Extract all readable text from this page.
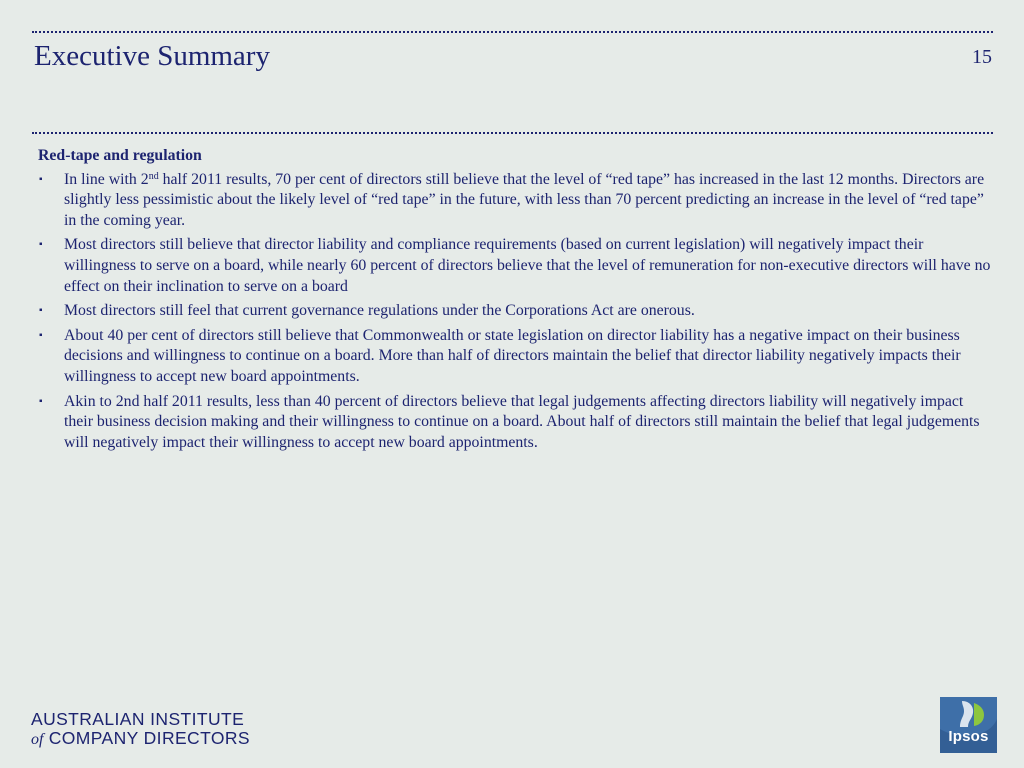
Executive Summary	15
Red-tape and regulation
▪ In line with 2nd half 2011 results, 70 per cent of directors still believe that the level of “red tape” has increased in the last 12 months. Directors are slightly less pessimistic about the likely level of “red tape” in the future, with less than 70 percent predicting an increase in the level of “red tape” in the coming year.
▪ Most directors still believe that director liability and compliance requirements (based on current legislation) will negatively impact their willingness to serve on a board, while nearly 60 percent of directors believe that the level of remuneration for non-executive directors will have no effect on their inclination to serve on a board
▪ Most directors still feel that current governance regulations under the Corporations Act are onerous.
▪ About 40 per cent of directors still believe that Commonwealth or state legislation on director liability has a negative impact on their business decisions and willingness to continue on a board. More than half of directors maintain the belief that director liability negatively impacts their willingness to accept new board appointments.
▪ Akin to 2nd half 2011 results, less than 40 percent of directors believe that legal judgements affecting directors liability will negatively impact their business decision making and their willingness to continue on a board. About half of directors still maintain the belief that legal judgements will negatively impact their willingness to accept new board appointments.
AUSTRALIAN INSTITUTE
of COMPANY DIRECTORS	Ipsos
